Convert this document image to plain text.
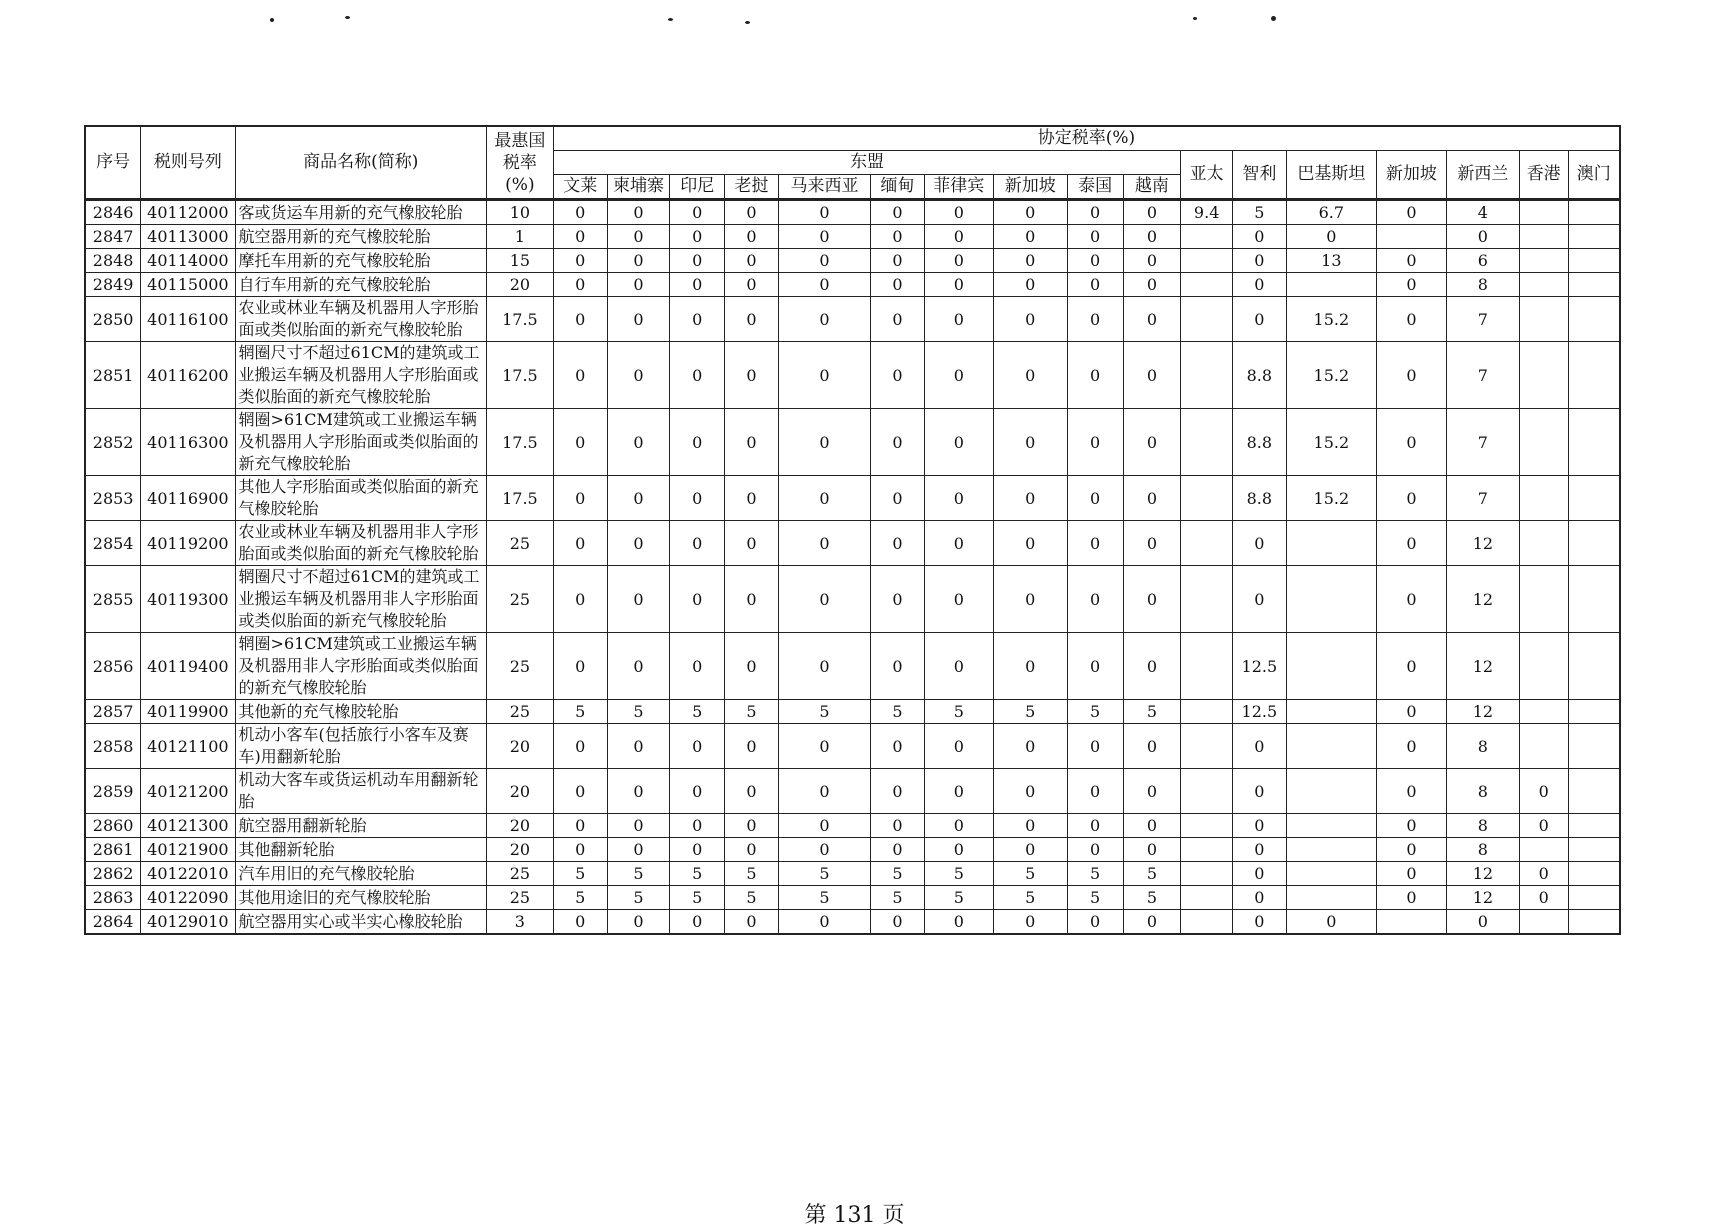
序号	税则号列	商品名称(简称)	最惠国税率(%)	协定税率(%)																
				东盟										亚太	智利	巴基斯坦	新加坡	新西兰	香港	澳门
				文莱	柬埔寨	印尼	老挝	马来西亚	缅甸	菲律宾	新加坡	泰国	越南							
2846	40112000	客或货运车用新的充气橡胶轮胎	10	0	0	0	0	0	0	0	0	0	0	9.4	5	6.7	0	4		
2847	40113000	航空器用新的充气橡胶轮胎	1	0	0	0	0	0	0	0	0	0	0		0	0		0		
2848	40114000	摩托车用新的充气橡胶轮胎	15	0	0	0	0	0	0	0	0	0	0		0	13	0	6		
2849	40115000	自行车用新的充气橡胶轮胎	20	0	0	0	0	0	0	0	0	0	0		0		0	8		
2850	40116100	农业或林业车辆及机器用人字形胎面或类似胎面的新充气橡胶轮胎	17.5	0	0	0	0	0	0	0	0	0	0		0	15.2	0	7		
2851	40116200	辋圈尺寸不超过61CM的建筑或工业搬运车辆及机器用人字形胎面或类似胎面的新充气橡胶轮胎	17.5	0	0	0	0	0	0	0	0	0	0		8.8	15.2	0	7		
2852	40116300	辋圈>61CM建筑或工业搬运车辆及机器用人字形胎面或类似胎面的新充气橡胶轮胎	17.5	0	0	0	0	0	0	0	0	0	0		8.8	15.2	0	7		
2853	40116900	其他人字形胎面或类似胎面的新充气橡胶轮胎	17.5	0	0	0	0	0	0	0	0	0	0		8.8	15.2	0	7		
2854	40119200	农业或林业车辆及机器用非人字形胎面或类似胎面的新充气橡胶轮胎	25	0	0	0	0	0	0	0	0	0	0		0		0	12		
2855	40119300	辋圈尺寸不超过61CM的建筑或工业搬运车辆及机器用非人字形胎面或类似胎面的新充气橡胶轮胎	25	0	0	0	0	0	0	0	0	0	0		0		0	12		
2856	40119400	辋圈>61CM建筑或工业搬运车辆及机器用非人字形胎面或类似胎面的新充气橡胶轮胎	25	0	0	0	0	0	0	0	0	0	0		12.5		0	12		
2857	40119900	其他新的充气橡胶轮胎	25	5	5	5	5	5	5	5	5	5	5		12.5		0	12		
2858	40121100	机动小客车(包括旅行小客车及赛车)用翻新轮胎	20	0	0	0	0	0	0	0	0	0	0		0		0	8		
2859	40121200	机动大客车或货运机动车用翻新轮胎	20	0	0	0	0	0	0	0	0	0	0		0		0	8	0	
2860	40121300	航空器用翻新轮胎	20	0	0	0	0	0	0	0	0	0	0		0		0	8	0	
2861	40121900	其他翻新轮胎	20	0	0	0	0	0	0	0	0	0	0		0		0	8		
2862	40122010	汽车用旧的充气橡胶轮胎	25	5	5	5	5	5	5	5	5	5	5		0		0	12	0	
2863	40122090	其他用途旧的充气橡胶轮胎	25	5	5	5	5	5	5	5	5	5	5		0		0	12	0	
2864	40129010	航空器用实心或半实心橡胶轮胎	3	0	0	0	0	0	0	0	0	0	0		0	0		0		
第 131 页
